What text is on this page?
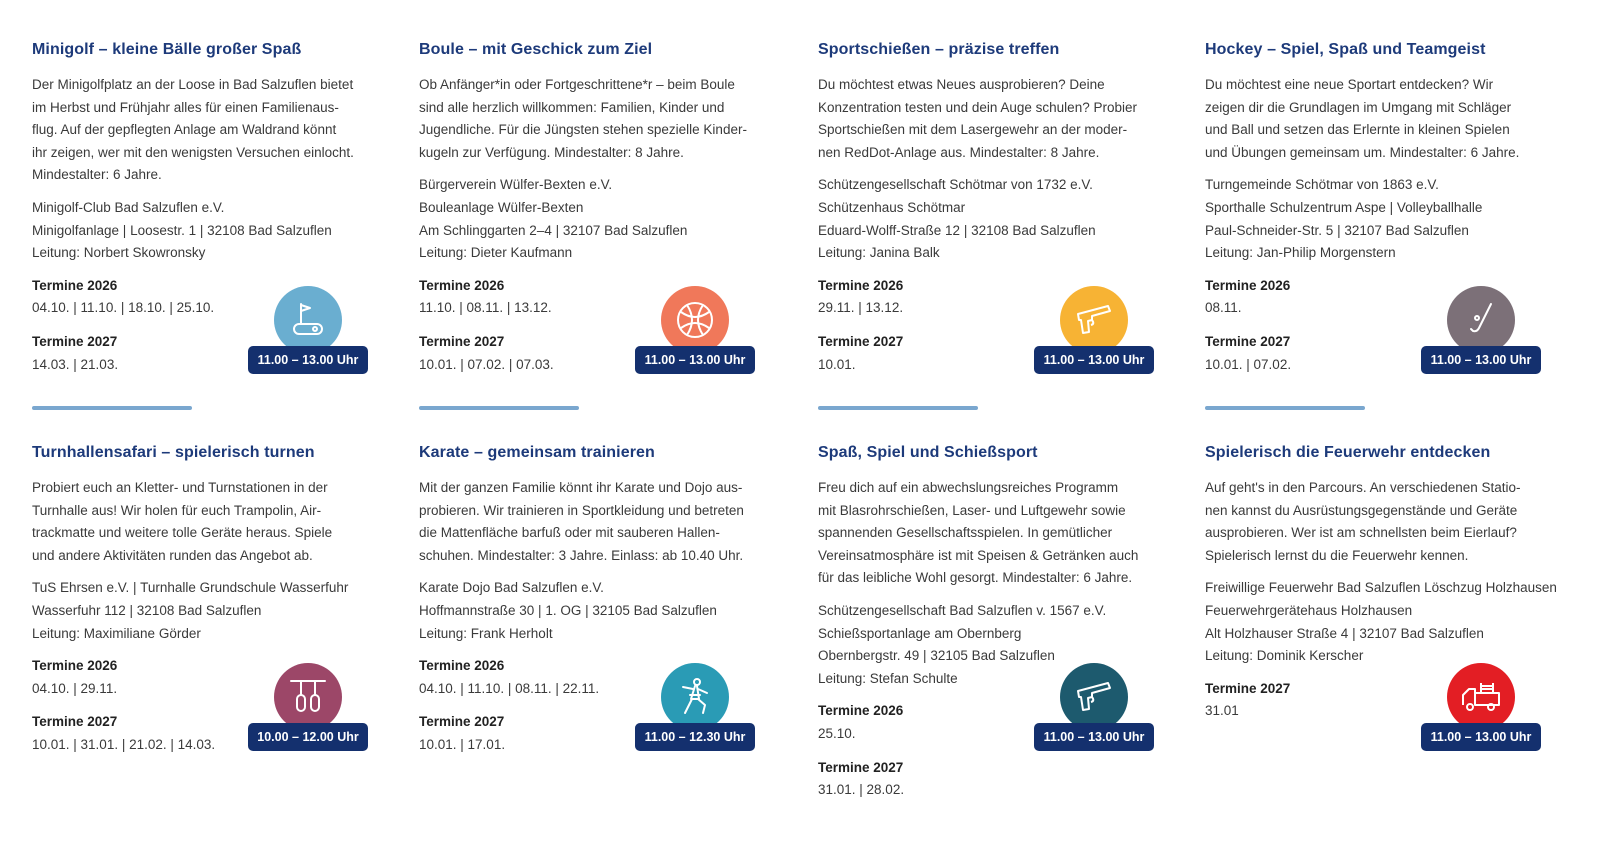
Minigolf – kleine Bälle großer Spaß

Der Minigolfplatz an der Loose in Bad Salzuflen bietet

im Herbst und Frühjahr alles für einen Familienaus-

flug. Auf der gepflegten Anlage am Waldrand könnt

ihr zeigen, wer mit den wenigsten Versuchen einlocht.

Mindestalter: 6 Jahre.

Minigolf-Club Bad Salzuflen e.V.
Minigolfanlage | Loosestr. 1 | 32108 Bad Salzuflen
Leitung: Norbert Skowronsky
Termine 2026
04.10. | 11.10. | 18.10. | 25.10.
Termine 2027
14.03. | 21.03.	11.00 – 13.00 Uhr
Boule – mit Geschick zum Ziel

Ob Anfänger*in oder Fortgeschrittene*r – beim Boule

sind alle herzlich willkommen: Familien, Kinder und

Jugendliche. Für die Jüngsten stehen spezielle Kinder-

kugeln zur Verfügung. Mindestalter: 8 Jahre.

Bürgerverein Wülfer-Bexten e.V.
Bouleanlage Wülfer-Bexten
Am Schlinggarten 2–4 | 32107 Bad Salzuflen
Leitung: Dieter Kaufmann
Termine 2026
11.10. | 08.11. | 13.12.
Termine 2027
10.01. | 07.02. | 07.03.	11.00 – 13.00 Uhr
Sportschießen – präzise treffen

Du möchtest etwas Neues ausprobieren? Deine

Konzentration testen und dein Auge schulen? Probier

Sportschießen mit dem Lasergewehr an der moder-

nen RedDot-Anlage aus. Mindestalter: 8 Jahre.

Schützengesellschaft Schötmar von 1732 e.V.
Schützenhaus Schötmar
Eduard-Wolff-Straße 12 | 32108 Bad Salzuflen
Leitung: Janina Balk
Termine 2026
29.11. | 13.12.
Termine 2027
10.01.	11.00 – 13.00 Uhr
Hockey – Spiel, Spaß und Teamgeist

Du möchtest eine neue Sportart entdecken? Wir

zeigen dir die Grundlagen im Umgang mit Schläger

und Ball und setzen das Erlernte in kleinen Spielen

und Übungen gemeinsam um. Mindestalter: 6 Jahre.

Turngemeinde Schötmar von 1863 e.V.
Sporthalle Schulzentrum Aspe | Volleyballhalle
Paul-Schneider-Str. 5 | 32107 Bad Salzuflen
Leitung: Jan-Philip Morgenstern
Termine 2026
08.11.
Termine 2027
10.01. | 07.02.	11.00 – 13.00 Uhr
Turnhallensafari – spielerisch turnen

Probiert euch an Kletter- und Turnstationen in der

Turnhalle aus! Wir holen für euch Trampolin, Air-

trackmatte und weitere tolle Geräte heraus. Spiele

und andere Aktivitäten runden das Angebot ab.

TuS Ehrsen e.V. | Turnhalle Grundschule Wasserfuhr
Wasserfuhr 112 | 32108 Bad Salzuflen
Leitung: Maximiliane Görder
Termine 2026
04.10. | 29.11.
Termine 2027
10.01. | 31.01. | 21.02. | 14.03.	10.00 – 12.00 Uhr
Karate – gemeinsam trainieren

Mit der ganzen Familie könnt ihr Karate und Dojo aus-

probieren. Wir trainieren in Sportkleidung und betreten

die Mattenfläche barfuß oder mit sauberen Hallen-

schuhen. Mindestalter: 3 Jahre. Einlass: ab 10.40 Uhr.

Karate Dojo Bad Salzuflen e.V.
Hoffmannstraße 30 | 1. OG | 32105 Bad Salzuflen
Leitung: Frank Herholt
Termine 2026
04.10. | 11.10. | 08.11. | 22.11.
Termine 2027
10.01. | 17.01.	11.00 – 12.30 Uhr
Spaß, Spiel und Schießsport

Freu dich auf ein abwechslungsreiches Programm

mit Blasrohrschießen, Laser- und Luftgewehr sowie

spannenden Gesellschaftsspielen. In gemütlicher

Vereinsatmosphäre ist mit Speisen & Getränken auch

für das leibliche Wohl gesorgt. Mindestalter: 6 Jahre.

Schützengesellschaft Bad Salzuflen v. 1567 e.V.
Schießsportanlage am Obernberg
Obernbergstr. 49 | 32105 Bad Salzuflen
Leitung: Stefan Schulte
Termine 2026
25.10.
Termine 2027
31.01. | 28.02.
11.00 – 13.00 Uhr
Spielerisch die Feuerwehr entdecken

Auf geht's in den Parcours. An verschiedenen Statio-

nen kannst du Ausrüstungsgegenstände und Geräte

ausprobieren. Wer ist am schnellsten beim Eierlauf?

Spielerisch lernst du die Feuerwehr kennen.

Freiwillige Feuerwehr Bad Salzuflen Löschzug Holzhausen
Feuerwehrgerätehaus Holzhausen
Alt Holzhauser Straße 4 | 32107 Bad Salzuflen
Leitung: Dominik Kerscher
Termine 2027
31.01
11.00 – 13.00 Uhr
